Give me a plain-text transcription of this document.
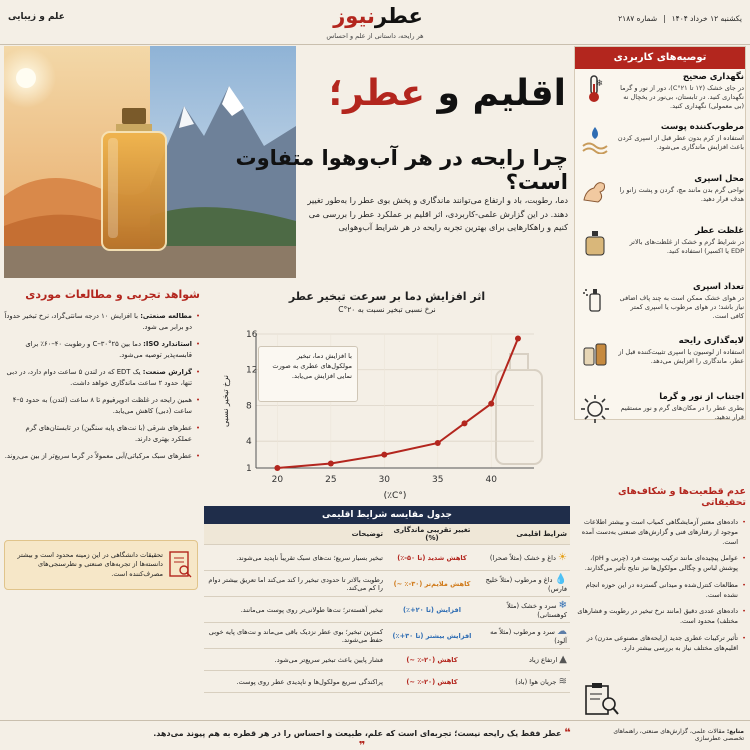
علم و زیبایی	عطرنیوز
هر رایحه، داستانی از علم و احساس
یکشنبه ۱۲ خرداد ۱۴۰۴
|
شماره ۲۱۸۷
اقلیم و عطر؛
چرا رایحه در هر آب‌وهوا متفاوت است؟
دما، رطوبت، باد و ارتفاع می‌توانند ماندگاری و پخش بوی عطر را به‌طور تغییر دهند. در این گزارش علمی-کاربردی، اثر اقلیم بر عملکرد عطر را بررسی می کنیم و راهکارهایی برای بهترین تجربه رایحه در هر شرایط آب‌وهوایی
توصیه‌های کاربردی
نگهداری صحیح
در جای خشک (۱۲ تا ۲۱°C)، دور از نور و گرما نگهداری کنید. در تابستان، بی‌نور در یخچال نه (بی معمولی) نگهداری کنید.
❄
مرطوب‌کننده پوست
استفاده از کرم بدون عطر قبل از اسپری کردن باعث افزایش ماندگاری می‌شود.
محل اسپری
نواحی گرم بدن مانند مچ، گردن و پشت زانو را هدف قرار دهید.
غلظت عطر
در شرایط گرم و خشک از غلظت‌های بالاتر EDP یا اکسیر) استفاده کنید.
تعداد اسپری
در هوای خشک ممکن است به چند پاف اضافی نیاز باشد؛ در هوای مرطوب یا اسپری کمتر کافی است.
لایه‌گذاری رایحه
استفاده از لوسیون یا اسپری تثبیت‌کننده قبل از عطر، ماندگاری را افزایش می‌دهد.
اجتناب از نور و گرما
بطری عطر را در مکان‌های گرم و نور مستقیم قرار ندهید.
شواهد تجربی و مطالعات موردی
• مطالعه صنعتی: با افزایش ۱۰ درجه سانتی‌گراد، نرخ تبخیر حدوداً دو برابر می شود.
• استاندارد ISO: دما بین ۲۵°C–۳۰ و رطوبت ۴۰–۶۰٪ برای قابسه‌پذیر توصیه می‌شود.
• گزارش صنعت: یک EDT که در لندن ۵ ساعت دوام دارد، در دبی تنها، حدود ۲ ساعت ماندگاری خواهد داشت.
• همین رایحه در غلظت ادوپرفیوم تا ۸ ساعت (لندن) به حدود ۵–۴ ساعت (دبی) کاهش می‌یابد.
• عطرهای شرقی (با نت‌های پایه سنگین) در تابستان‌های گرم عملکرد بهتری دارند.
• عطرهای سبک مرکباتی/آبی معمولاً در گرما سریع‌تر از بین می‌روند.
تحقیقات دانشگاهی در این زمینه محدود است و بیشتر دانسته‌ها از تجربه‌های صنعتی و نظرسنجی‌های مصرف‌کننده است.
اثر افزایش دما بر سرعت تبخیر عطر
نرخ نسبی تبخیر نسبت به ۲۰°C
1
4
8
12
16
20	25	30	35	40
(°C٪)
نرخ تبخیر نسبی
با افزایش دما، تبخیر مولکول‌های عطری به صورت نمایی افزایش می‌یابد.
جدول مقایسه شرایط اقلیمی
شرایط اقلیمی	تغییر تقریبی ماندگاری (%)	توضیحات
☀ داغ و خشک (مثلاً صحرا)	کاهش شدید (تا ۵۰-٪)	تبخیر بسیار سریع؛ نت‌های سبک تقریباً ناپدید می‌شوند.
💧 داغ و مرطوب (مثلاً خلیج فارس)	کاهش ملایم‌تر (۳۰-٪ ~)	رطوبت بالاتر تا حدودی تبخیر را کند می‌کند اما تعریق بیشتر دوام را کم می‌کند.
❄ سرد و خشک (مثلاً کوهستانی)	افزایش (تا ۲۰+٪)	تبخیر آهسته‌تر؛ نت‌ها طولانی‌تر روی پوست می‌مانند.
☁ سرد و مرطوب (مثلاً مه آلود)	افزایش بیشتر (تا ۳۰+٪)	کمترین تبخیر؛ بوی عطر نزدیک باقی می‌ماند و نت‌های پایه خوبی حفظ می‌شوند.
▲ ارتفاع زیاد	کاهش (۲۰-٪ ~)	فشار پایین باعث تبخیر سریع‌تر می‌شود.
≋ جریان هوا (باد)	کاهش (۲۰-٪ ~)	پراکندگی سریع مولکول‌ها و ناپدیدی عطر روی پوست.
عدم قطعیت‌ها و شکاف‌های تحقیقاتی
• داده‌های معتبر آزمایشگاهی کمیاب است و بیشتر اطلاعات موجود از رفتارهای فنی و گزارش‌های صنعتی به‌دست آمده است.
• عوامل پیچیده‌ای مانند ترکیب پوست فرد (چربی و pH)، پوشش لباس و چگالی مولکول‌ها نیز نتایج تأثیر می‌گذارند.
• مطالعات کنترل‌شده و میدانی گسترده در این حوزه انجام نشده است.
• داده‌های عددی دقیق (مانند نرخ تبخیر در رطوبت و فشارهای مختلف) محدود است.
• تأثیر ترکیبات عطری جدید (رایحه‌های مصنوعی مدرن) در اقلیم‌های مختلف نیاز به بررسی بیشتر دارد.
❝ عطر فقط یک رایحه نیست؛ تجربه‌ای است که علم، طبیعت و احساس را در هر قطره به هم پیوند می‌دهد. ❞
منابع: مقالات علمی، گزارش‌های صنعتی، راهنماهای تخصصی عطرسازی
